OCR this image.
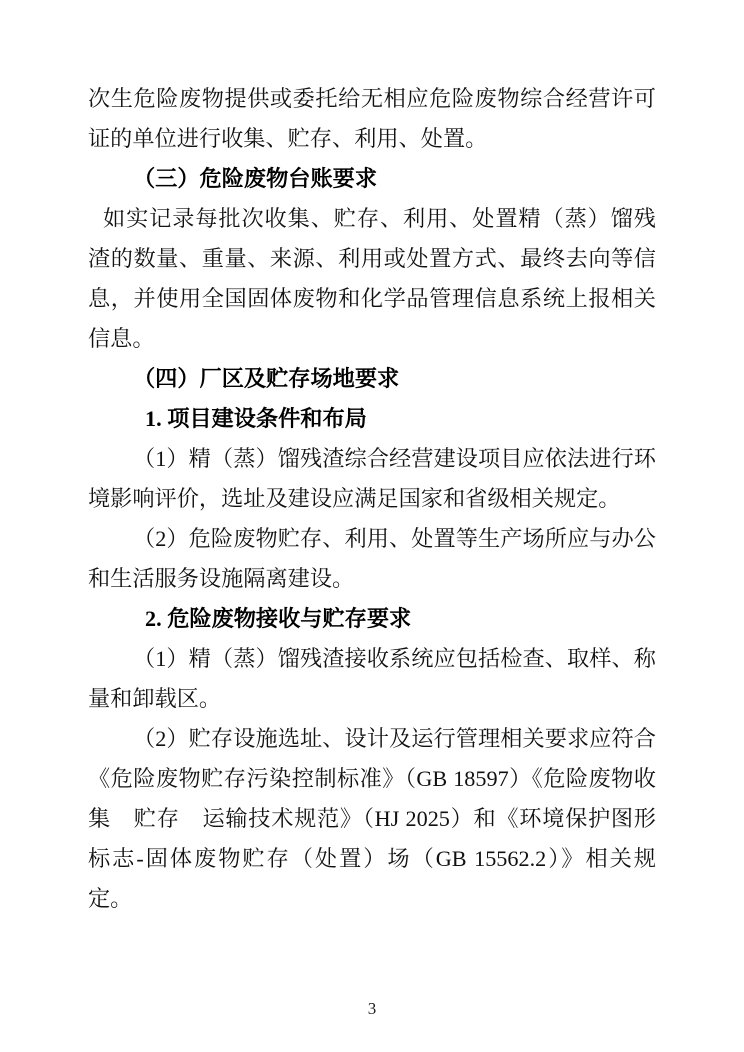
次生危险废物提供或委托给无相应危险废物综合经营许可证的单位进行收集、贮存、利用、处置。

（三）危险废物台账要求

如实记录每批次收集、贮存、利用、处置精（蒸）馏残渣的数量、重量、来源、利用或处置方式、最终去向等信息，并使用全国固体废物和化学品管理信息系统上报相关信息。

（四）厂区及贮存场地要求

1. 项目建设条件和布局

（1）精（蒸）馏残渣综合经营建设项目应依法进行环境影响评价，选址及建设应满足国家和省级相关规定。

（2）危险废物贮存、利用、处置等生产场所应与办公和生活服务设施隔离建设。

2. 危险废物接收与贮存要求

（1）精（蒸）馏残渣接收系统应包括检查、取样、称量和卸载区。

（2）贮存设施选址、设计及运行管理相关要求应符合《危险废物贮存污染控制标准》（GB 18597）《危险废物收集　贮存　运输技术规范》（HJ 2025）和《环境保护图形标志-固体废物贮存（处置）场（GB 15562.2）》相关规定。

3
